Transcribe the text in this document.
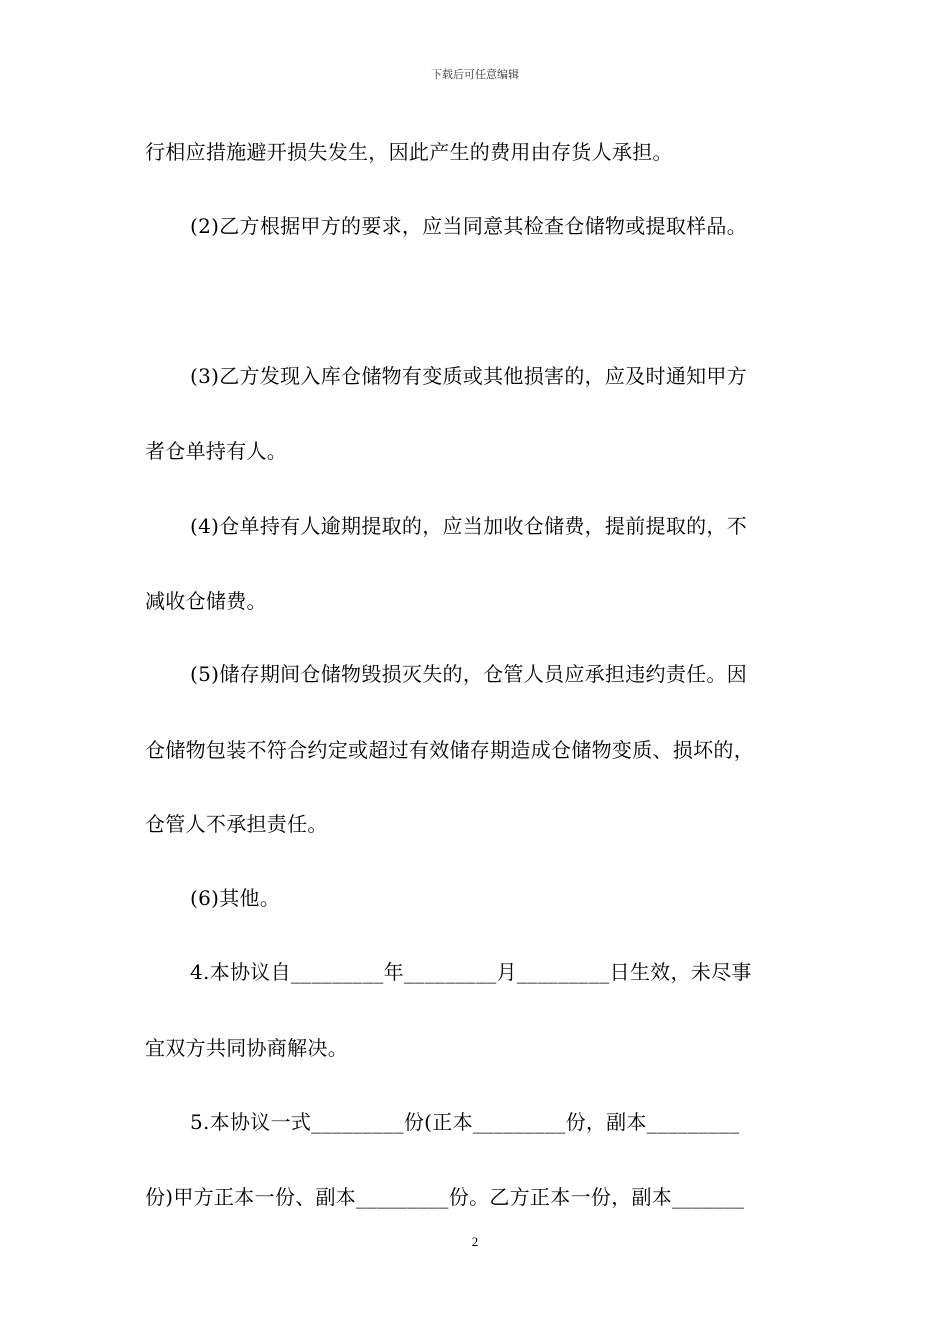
下载后可任意编辑
行相应措施避开损失发生，因此产生的费用由存货人承担。
(2)乙方根据甲方的要求，应当同意其检查仓储物或提取样品。
(3)乙方发现入库仓储物有变质或其他损害的，应及时通知甲方
者仓单持有人。
(4)仓单持有人逾期提取的，应当加收仓储费，提前提取的，不
减收仓储费。
(5)储存期间仓储物毁损灭失的，仓管人员应承担违约责任。因
仓储物包装不符合约定或超过有效储存期造成仓储物变质、损坏的，
仓管人不承担责任。
(6)其他。
4.本协议自_________年_________月_________日生效，未尽事
宜双方共同协商解决。
5.本协议一式_________份(正本_________份，副本_________
份)甲方正本一份、副本_________份。乙方正本一份，副本_______
2
